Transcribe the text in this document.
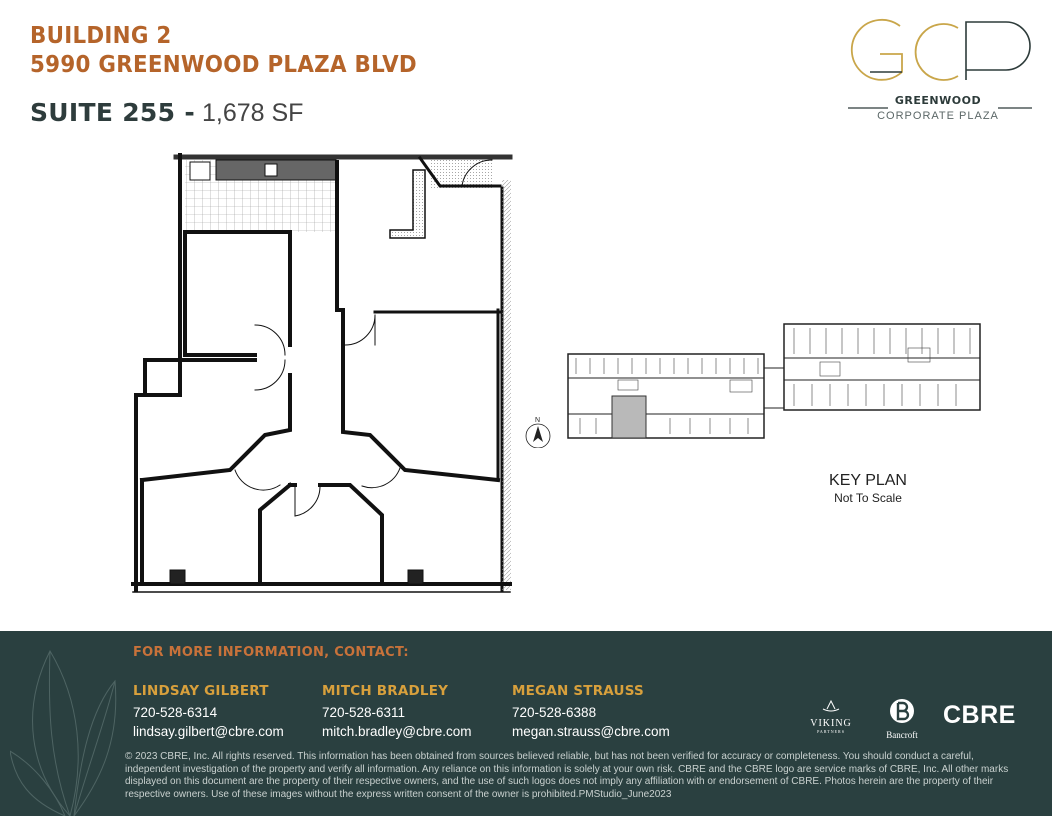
BUILDING 2
5990 GREENWOOD PLAZA BLVD
SUITE 255 - 1,678 SF	GREENWOOD
CORPORATE PLAZA
N
KEY PLAN
Not To Scale
FOR MORE INFORMATION, CONTACT:
LINDSAY GILBERT
720-528-6314
lindsay.gilbert@cbre.com
MITCH BRADLEY
720-528-6311
mitch.bradley@cbre.com
MEGAN STRAUSS
720-528-6388
megan.strauss@cbre.com
VIKING
PARTNERS	Bancroft
CBRE
© 2023 CBRE, Inc. All rights reserved. This information has been obtained from sources believed reliable, but has not been verified for accuracy or completeness. You should conduct a careful, independent investigation of the property and verify all information. Any reliance on this information is solely at your own risk. CBRE and the CBRE logo are service marks of CBRE, Inc. All other marks displayed on this document are the property of their respective owners, and the use of such logos does not imply any affiliation with or endorsement of CBRE. Photos herein are the property of their respective owners. Use of these images without the express written consent of the owner is prohibited.PMStudio_June2023
